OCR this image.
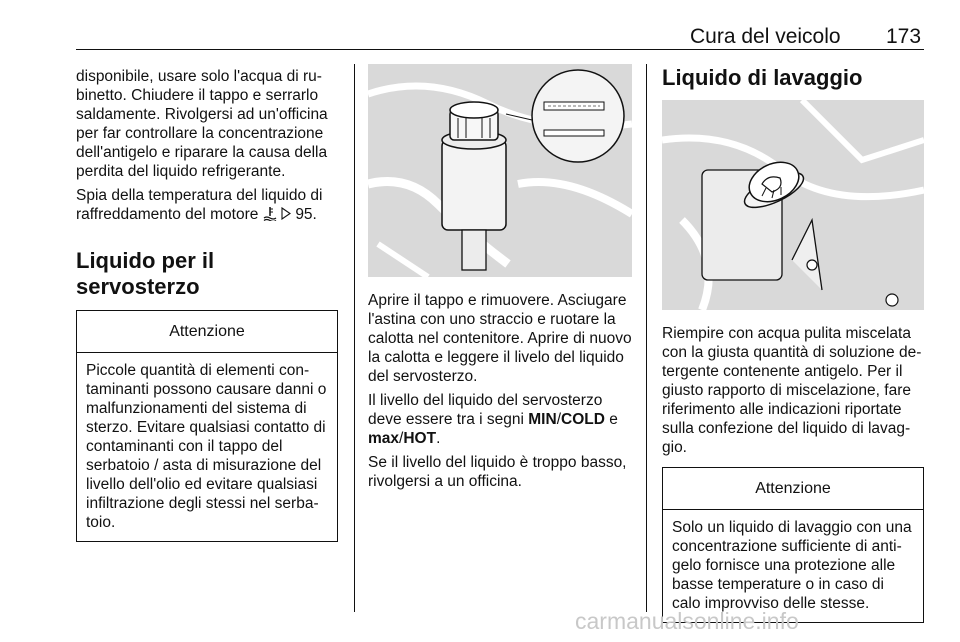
Cura del veicolo 173

disponibile, usare solo l'acqua di ru- binetto. Chiudere il tappo e serrarlo saldamente. Rivolgersi ad un'officina per far controllare la concentrazione dell'antigelo e riparare la causa della perdita del liquido refrigerante.

Spia della temperatura del liquido di raffreddamento del motore 95.

Liquido per il servosterzo
Attenzione
Piccole quantità di elementi con- taminanti possono causare danni o malfunzionamenti del sistema di sterzo. Evitare qualsiasi contatto di contaminanti con il tappo del serbatoio / asta di misurazione del livello dell'olio ed evitare qualsiasi infiltrazione degli stessi nel serba- toio.

Aprire il tappo e rimuovere. Asciugare l'astina con uno straccio e ruotare la calotta nel contenitore. Aprire di nuovo la calotta e leggere il livelo del liquido del servosterzo.

Il livello del liquido del servosterzo deve essere tra i segni MIN/COLD e max/HOT.

Se il livello del liquido è troppo basso, rivolgersi a un officina.

Liquido di lavaggio

Riempire con acqua pulita miscelata con la giusta quantità di soluzione de- tergente contenente antigelo. Per il giusto rapporto di miscelazione, fare riferimento alle indicazioni riportate sulla confezione del liquido di lavag- gio.

Attenzione
Solo un liquido di lavaggio con una concentrazione sufficiente di anti- gelo fornisce una protezione alle basse temperature o in caso di calo improvviso delle stesse.
carmanualsonline.info
